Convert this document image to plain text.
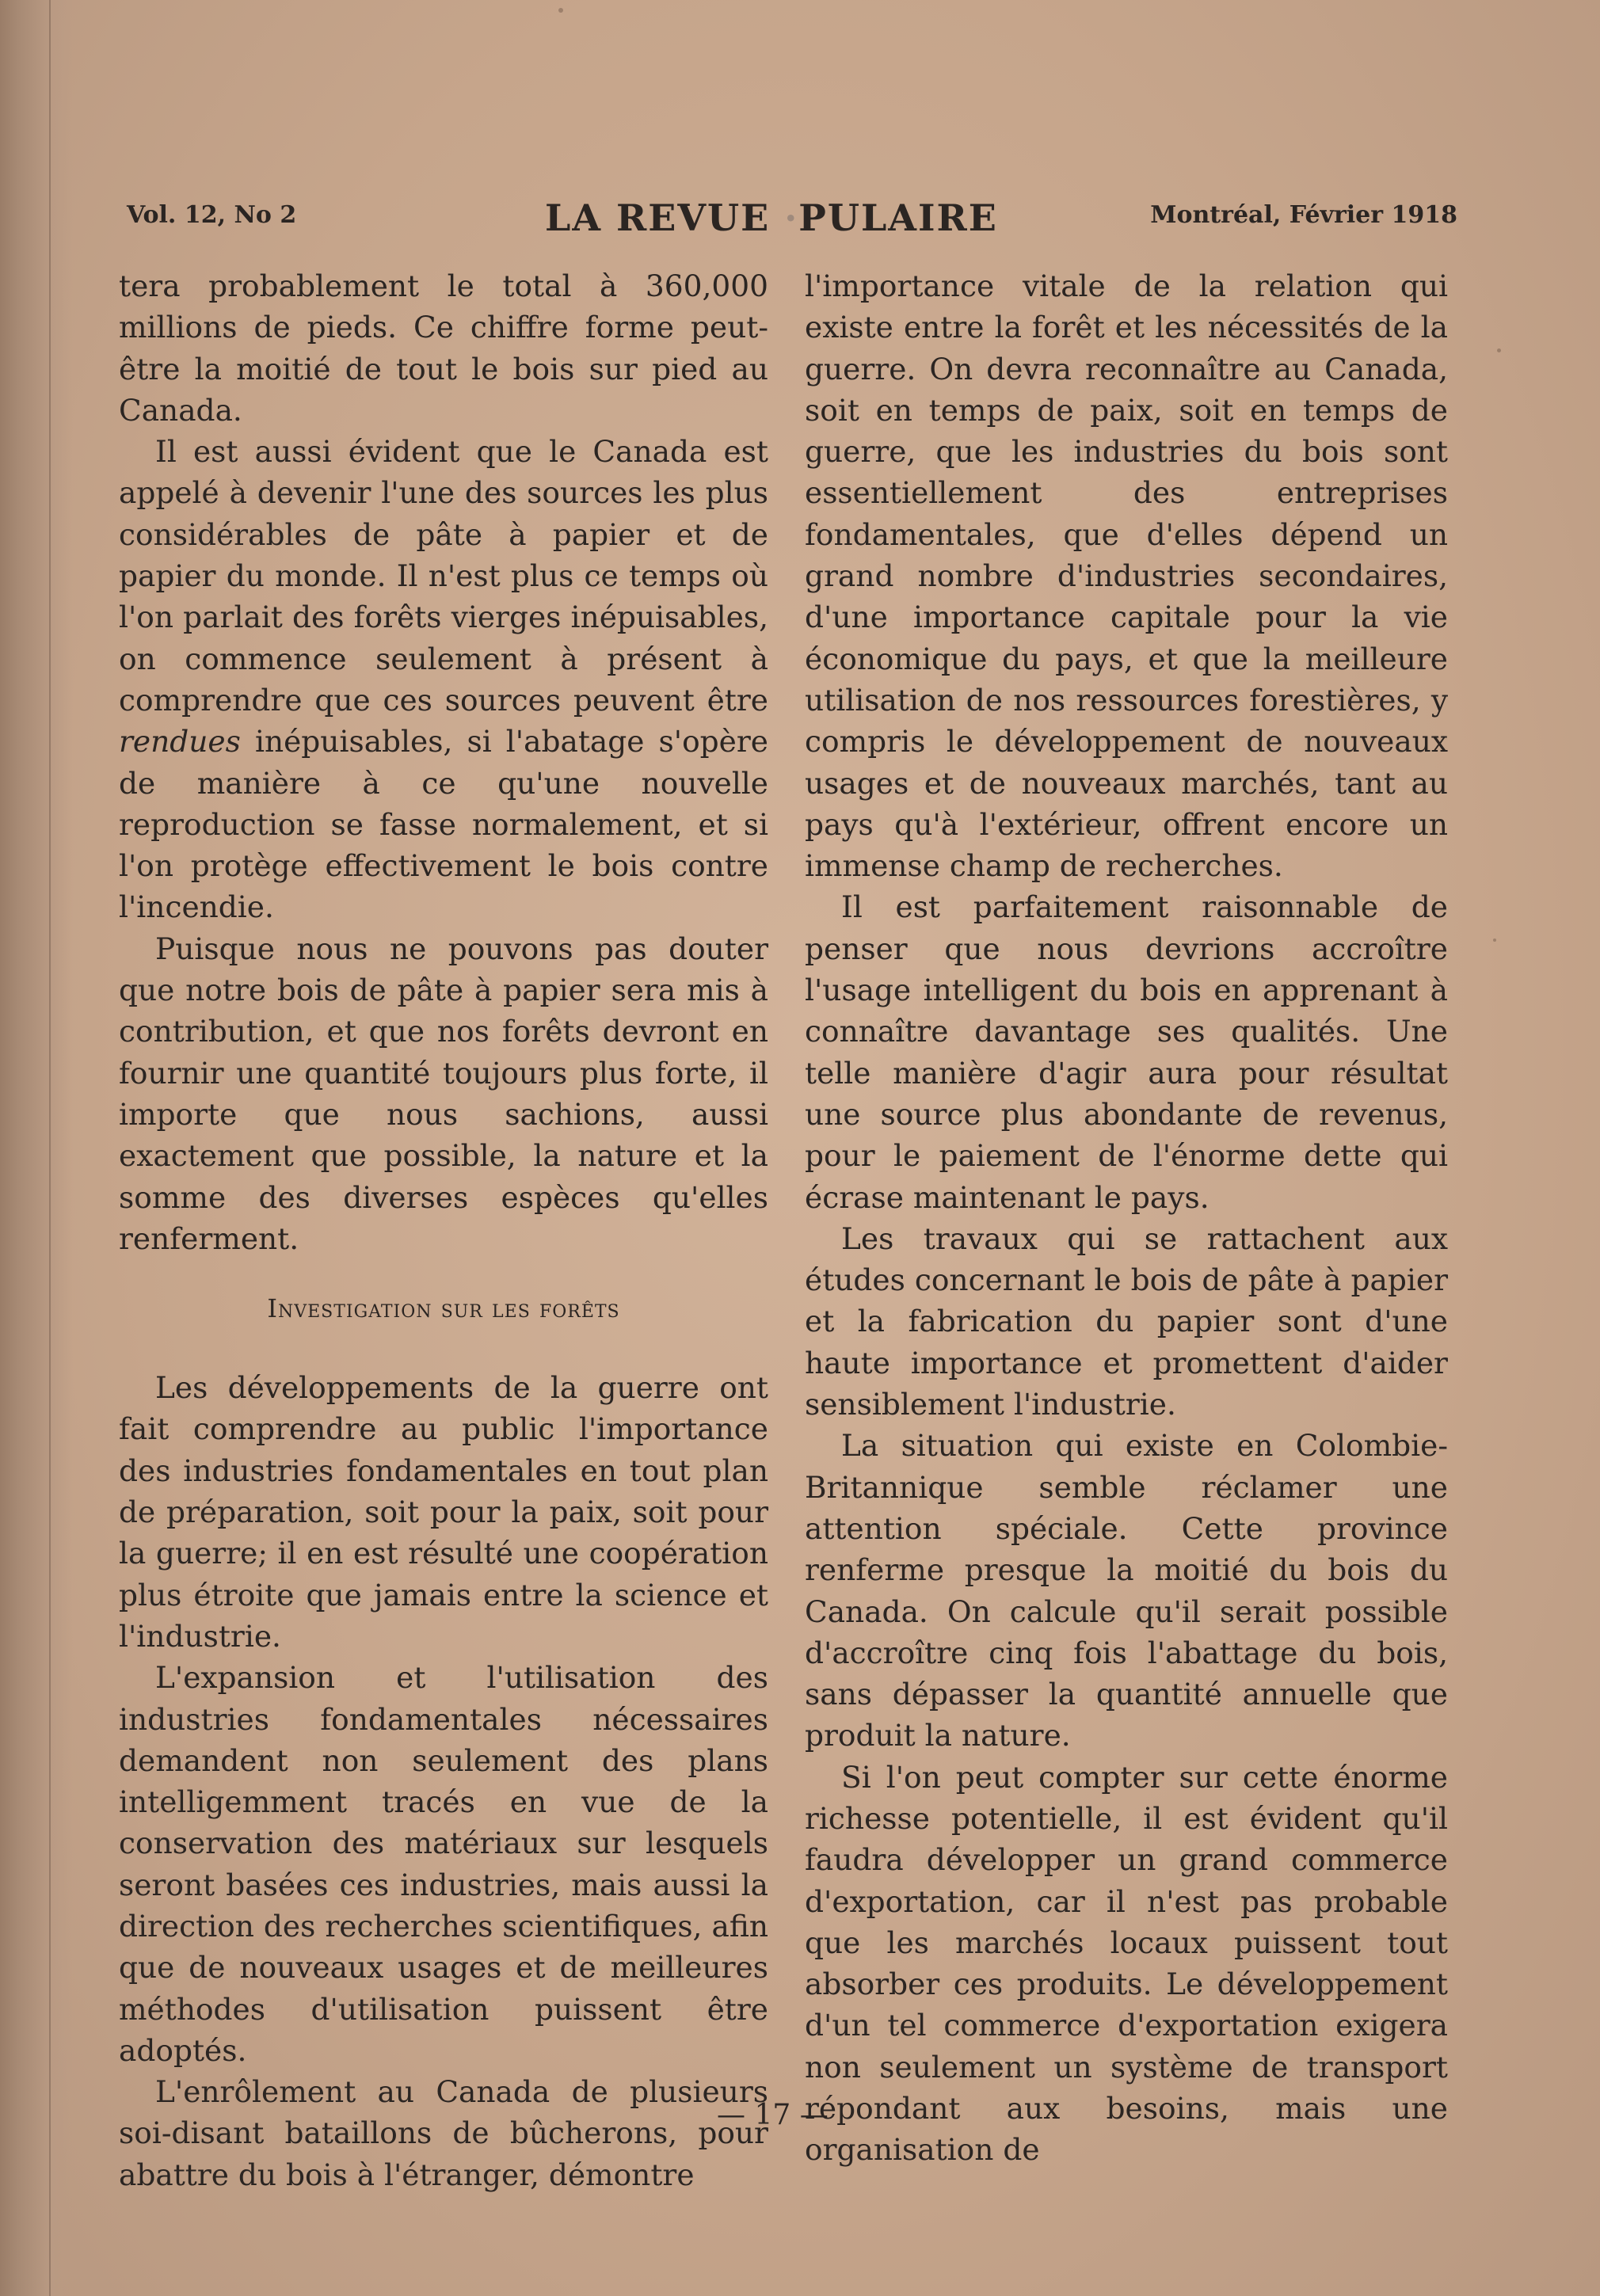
Vol. 12, No 2	LA REVUE ·PULAIRE	Montréal, Février 1918

tera probablement le total à 360,000 millions de pieds. Ce chiffre forme peut-être la moitié de tout le bois sur pied au Canada.

Il est aussi évident que le Canada est appelé à devenir l'une des sources les plus considérables de pâte à papier et de papier du monde. Il n'est plus ce temps où l'on parlait des forêts vierges inépuisables, on commence seulement à présent à comprendre que ces sources peuvent être rendues inépuisables, si l'abatage s'opère de manière à ce qu'une nouvelle reproduction se fasse normalement, et si l'on protège effectivement le bois contre l'incendie.

Puisque nous ne pouvons pas douter que notre bois de pâte à papier sera mis à contribution, et que nos forêts devront en fournir une quantité toujours plus forte, il importe que nous sachions, aussi exactement que possible, la nature et la somme des diverses espèces qu'elles renferment.

Investigation sur les forêts

Les développements de la guerre ont fait comprendre au public l'importance des industries fondamentales en tout plan de préparation, soit pour la paix, soit pour la guerre; il en est résulté une coopération plus étroite que jamais entre la science et l'industrie.

L'expansion et l'utilisation des industries fondamentales nécessaires demandent non seulement des plans intelligemment tracés en vue de la conservation des matériaux sur lesquels seront basées ces industries, mais aussi la direction des recherches scientifiques, afin que de nouveaux usages et de meilleures méthodes d'utilisation puissent être adoptés.

L'enrôlement au Canada de plusieurs soi-disant bataillons de bûcherons, pour abattre du bois à l'étranger, démontre

l'importance vitale de la relation qui existe entre la forêt et les nécessités de la guerre. On devra reconnaître au Canada, soit en temps de paix, soit en temps de guerre, que les industries du bois sont essentiellement des entreprises fondamentales, que d'elles dépend un grand nombre d'industries secondaires, d'une importance capitale pour la vie économique du pays, et que la meilleure utilisation de nos ressources forestières, y compris le développement de nouveaux usages et de nouveaux marchés, tant au pays qu'à l'extérieur, offrent encore un immense champ de recherches.

Il est parfaitement raisonnable de penser que nous devrions accroître l'usage intelligent du bois en apprenant à connaître davantage ses qualités. Une telle manière d'agir aura pour résultat une source plus abondante de revenus, pour le paiement de l'énorme dette qui écrase maintenant le pays.

Les travaux qui se rattachent aux études concernant le bois de pâte à papier et la fabrication du papier sont d'une haute importance et promettent d'aider sensiblement l'industrie.

La situation qui existe en Colombie-Britannique semble réclamer une attention spéciale. Cette province renferme presque la moitié du bois du Canada. On calcule qu'il serait possible d'accroître cinq fois l'abattage du bois, sans dépasser la quantité annuelle que produit la nature.

Si l'on peut compter sur cette énorme richesse potentielle, il est évident qu'il faudra développer un grand commerce d'exportation, car il n'est pas probable que les marchés locaux puissent tout absorber ces produits. Le développement d'un tel commerce d'exportation exigera non seulement un système de transport répondant aux besoins, mais une organisation de

— 17 —
